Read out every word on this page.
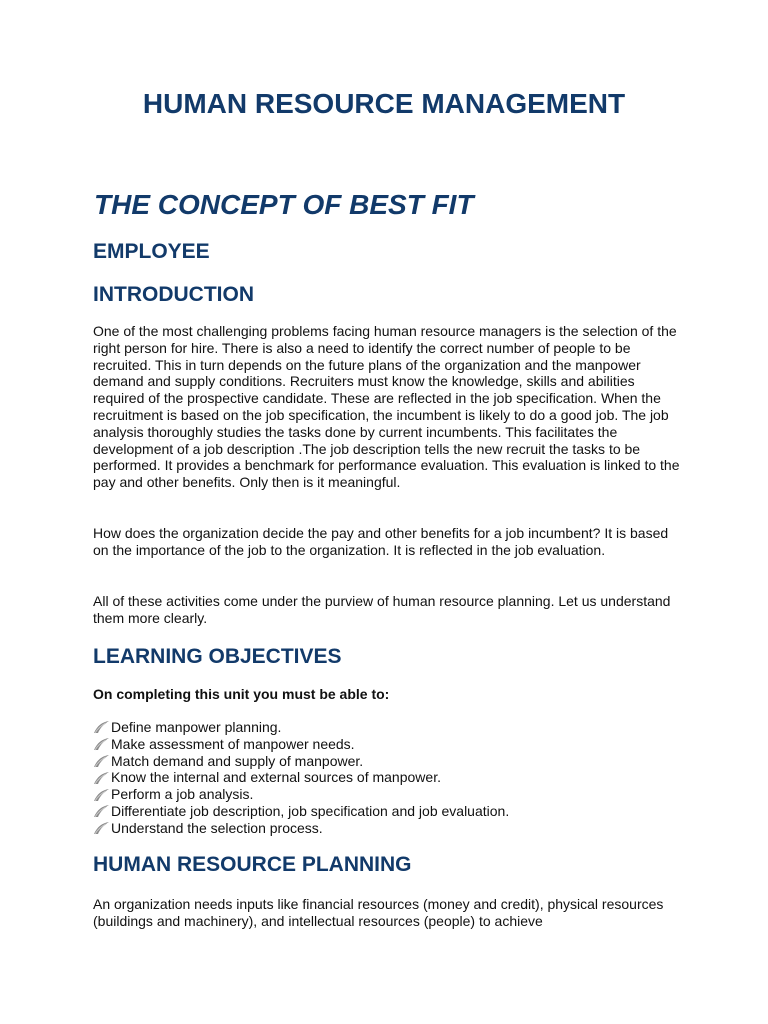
HUMAN RESOURCE MANAGEMENT
THE CONCEPT OF BEST FIT
EMPLOYEE
INTRODUCTION

One of the most challenging problems facing human resource managers is the selection of the right person for hire. There is also a need to identify the correct number of people to be recruited. This in turn depends on the future plans of the organization and the manpower demand and supply conditions. Recruiters must know the knowledge, skills and abilities required of the prospective candidate. These are reflected in the job specification. When the recruitment is based on the job specification, the incumbent is likely to do a good job. The job analysis thoroughly studies the tasks done by current incumbents. This facilitates the development of a job description .The job description tells the new recruit the tasks to be performed. It provides a benchmark for performance evaluation. This evaluation is linked to the pay and other benefits. Only then is it meaningful.

How does the organization decide the pay and other benefits for a job incumbent? It is based on the importance of the job to the organization. It is reflected in the job evaluation.

All of these activities come under the purview of human resource planning. Let us understand them more clearly.

LEARNING OBJECTIVES

On completing this unit you must be able to:

Define manpower planning.
Make assessment of manpower needs.
Match demand and supply of manpower.
Know the internal and external sources of manpower.
Perform a job analysis.
Differentiate job description, job specification and job evaluation.
Understand the selection process.
HUMAN RESOURCE PLANNING

An organization needs inputs like financial resources (money and credit), physical resources (buildings and machinery), and intellectual resources (people) to achieve
